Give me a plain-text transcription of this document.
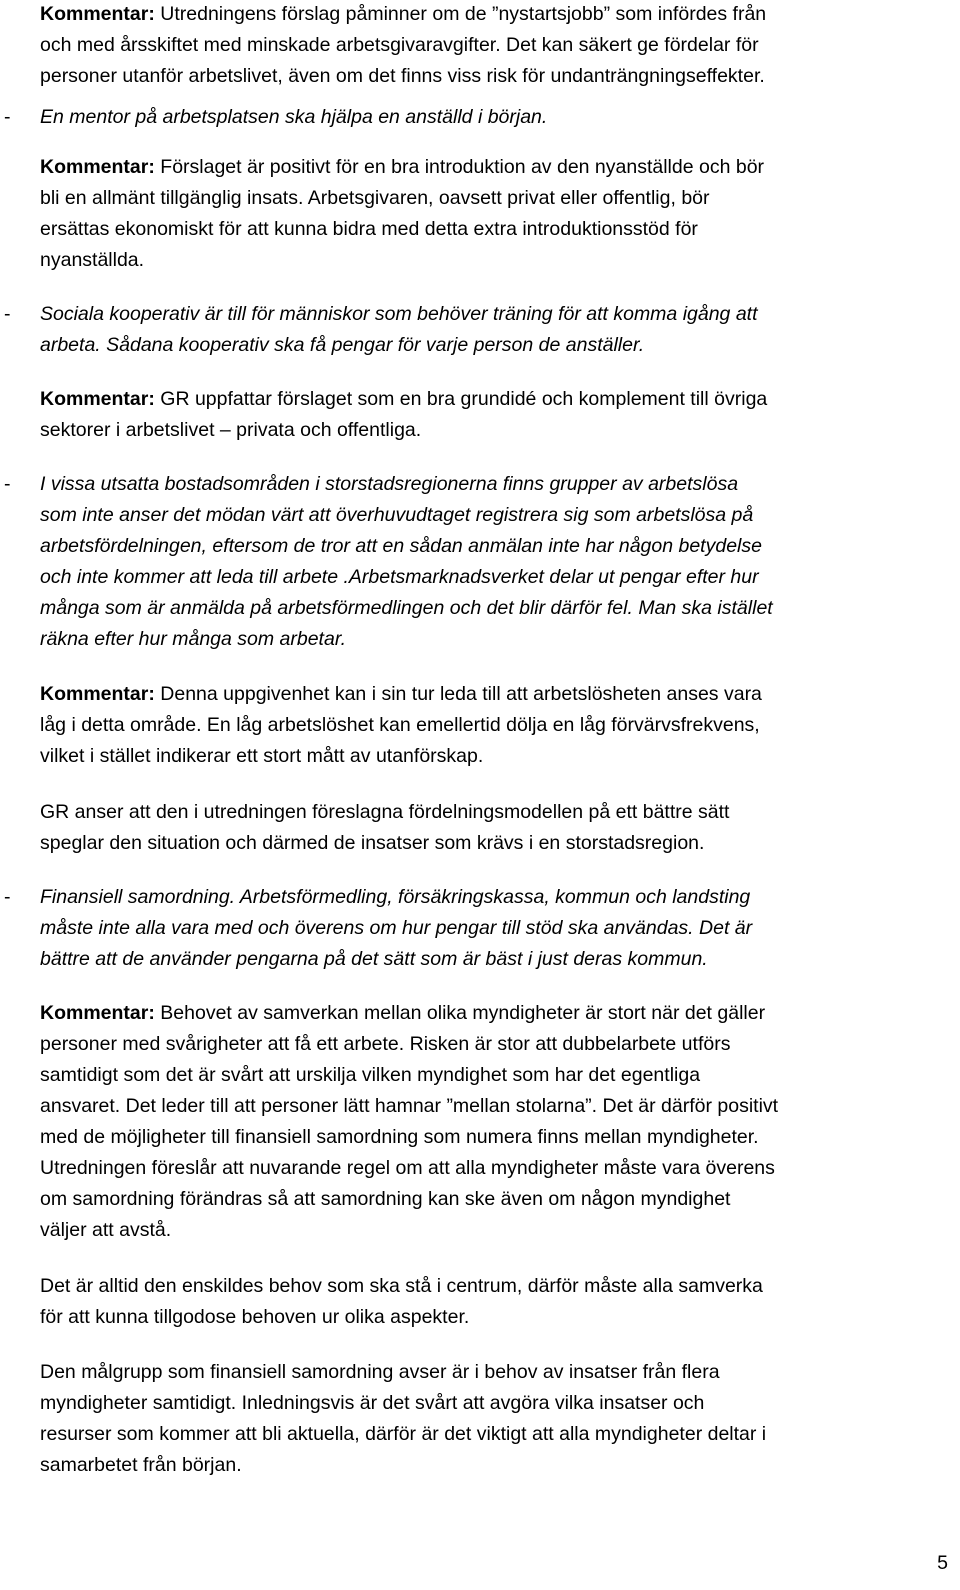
Kommentar: Utredningens förslag påminner om de ”nystartsjobb” som infördes från
och med årsskiftet med minskade arbetsgivaravgifter. Det kan säkert ge fördelar för
personer utanför arbetslivet, även om det finns viss risk för undanträngningseffekter.
- En mentor på arbetsplatsen ska hjälpa en anställd i början.
Kommentar: Förslaget är positivt för en bra introduktion av den nyanställde och bör
bli en allmänt tillgänglig insats. Arbetsgivaren, oavsett privat eller offentlig, bör
ersättas ekonomiskt för att kunna bidra med detta extra introduktionsstöd för
nyanställda.
- Sociala kooperativ är till för människor som behöver träning för att komma igång att
arbeta. Sådana kooperativ ska få pengar för varje person de anställer.
Kommentar: GR uppfattar förslaget som en bra grundidé och komplement till övriga
sektorer i arbetslivet – privata och offentliga.
- I vissa utsatta bostadsområden i storstadsregionerna finns grupper av arbetslösa
som inte anser det mödan värt att överhuvudtaget registrera sig som arbetslösa på
arbetsfördelningen, eftersom de tror att en sådan anmälan inte har någon betydelse
och inte kommer att leda till arbete .Arbetsmarknadsverket delar ut pengar efter hur
många som är anmälda på arbetsförmedlingen och det blir därför fel. Man ska istället
räkna efter hur många som arbetar.
Kommentar: Denna uppgivenhet kan i sin tur leda till att arbetslösheten anses vara
låg i detta område. En låg arbetslöshet kan emellertid dölja en låg förvärvsfrekvens,
vilket i stället indikerar ett stort mått av utanförskap.
GR anser att den i utredningen föreslagna fördelningsmodellen på ett bättre sätt
speglar den situation och därmed de insatser som krävs i en storstadsregion.
- Finansiell samordning. Arbetsförmedling, försäkringskassa, kommun och landsting
måste inte alla vara med och överens om hur pengar till stöd ska användas. Det är
bättre att de använder pengarna på det sätt som är bäst i just deras kommun.
Kommentar: Behovet av samverkan mellan olika myndigheter är stort när det gäller
personer med svårigheter att få ett arbete. Risken är stor att dubbelarbete utförs
samtidigt som det är svårt att urskilja vilken myndighet som har det egentliga
ansvaret. Det leder till att personer lätt hamnar ”mellan stolarna”. Det är därför positivt
med de möjligheter till finansiell samordning som numera finns mellan myndigheter.
Utredningen föreslår att nuvarande regel om att alla myndigheter måste vara överens
om samordning förändras så att samordning kan ske även om någon myndighet
väljer att avstå.
Det är alltid den enskildes behov som ska stå i centrum, därför måste alla samverka
för att kunna tillgodose behoven ur olika aspekter.
Den målgrupp som finansiell samordning avser är i behov av insatser från flera
myndigheter samtidigt. Inledningsvis är det svårt att avgöra vilka insatser och
resurser som kommer att bli aktuella, därför är det viktigt att alla myndigheter deltar i
samarbetet från början.
5
